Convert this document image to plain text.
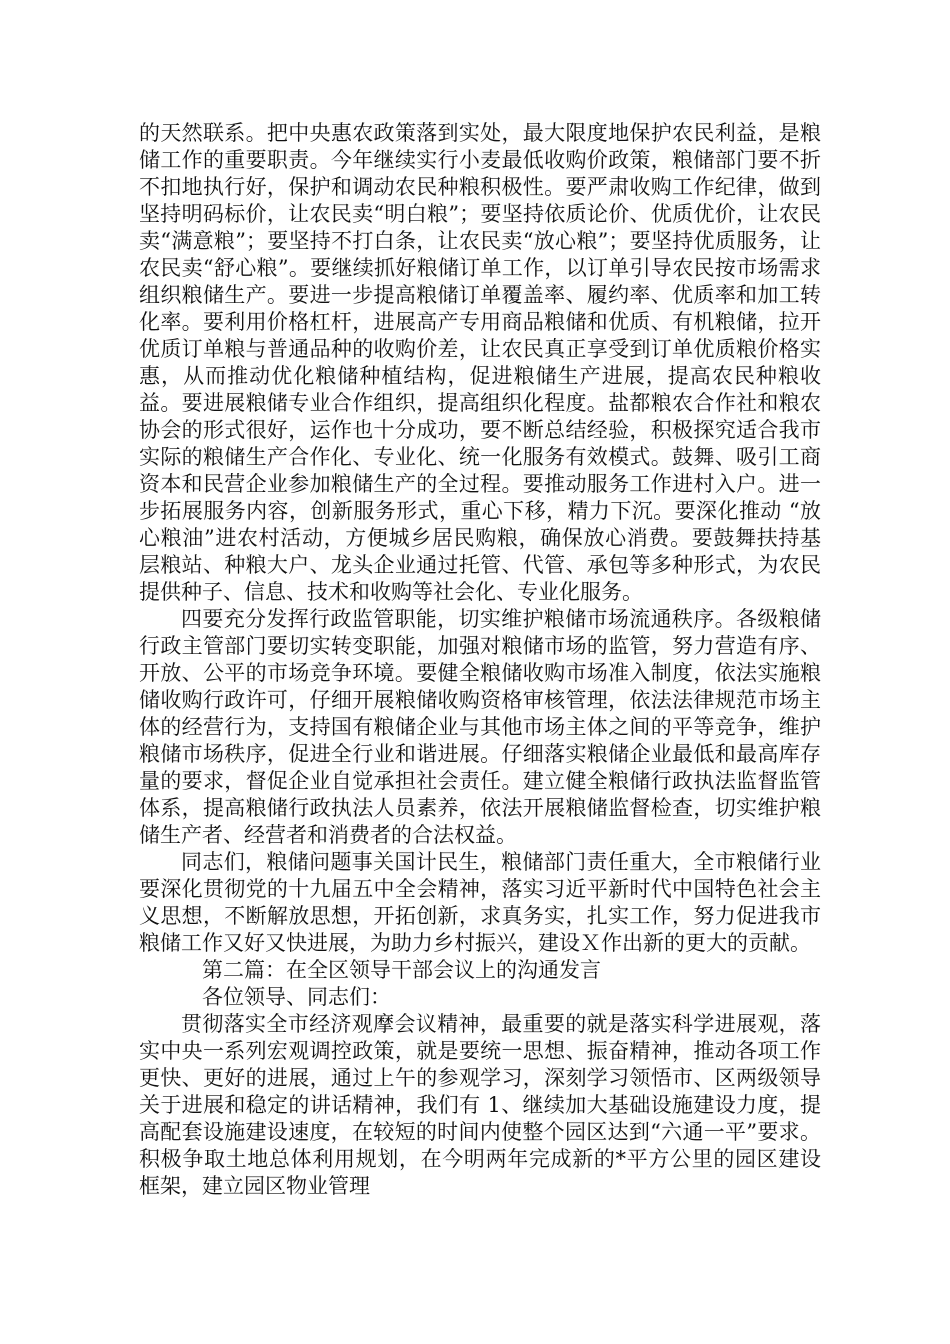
的天然联系。把中央惠农政策落到实处，最大限度地保护农民利益，是粮储工作的重要职责。今年继续实行小麦最低收购价政策，粮储部门要不折不扣地执行好，保护和调动农民种粮积极性。要严肃收购工作纪律，做到坚持明码标价，让农民卖“明白粮”；要坚持依质论价、优质优价，让农民卖“满意粮”；要坚持不打白条，让农民卖“放心粮”；要坚持优质服务，让农民卖“舒心粮”。要继续抓好粮储订单工作，以订单引导农民按市场需求组织粮储生产。要进一步提高粮储订单覆盖率、履约率、优质率和加工转化率。要利用价格杠杆，进展高产专用商品粮储和优质、有机粮储，拉开优质订单粮与普通品种的收购价差，让农民真正享受到订单优质粮价格实惠，从而推动优化粮储种植结构，促进粮储生产进展，提高农民种粮收益。要进展粮储专业合作组织，提高组织化程度。盐都粮农合作社和粮农协会的形式很好，运作也十分成功，要不断总结经验，积极探究适合我市实际的粮储生产合作化、专业化、统一化服务有效模式。鼓舞、吸引工商资本和民营企业参加粮储生产的全过程。要推动服务工作进村入户。进一步拓展服务内容，创新服务形式，重心下移，精力下沉。要深化推动 “放心粮油”进农村活动，方便城乡居民购粮，确保放心消费。要鼓舞扶持基层粮站、种粮大户、龙头企业通过托管、代管、承包等多种形式，为农民提供种子、信息、技术和收购等社会化、专业化服务。

四要充分发挥行政监管职能，切实维护粮储市场流通秩序。各级粮储行政主管部门要切实转变职能，加强对粮储市场的监管，努力营造有序、开放、公平的市场竞争环境。要健全粮储收购市场准入制度，依法实施粮储收购行政许可，仔细开展粮储收购资格审核管理，依法法律规范市场主体的经营行为，支持国有粮储企业与其他市场主体之间的平等竞争，维护粮储市场秩序，促进全行业和谐进展。仔细落实粮储企业最低和最高库存量的要求，督促企业自觉承担社会责任。建立健全粮储行政执法监督监管体系，提高粮储行政执法人员素养，依法开展粮储监督检查，切实维护粮储生产者、经营者和消费者的合法权益。

同志们，粮储问题事关国计民生，粮储部门责任重大，全市粮储行业要深化贯彻党的十九届五中全会精神，落实习近平新时代中国特色社会主义思想，不断解放思想，开拓创新，求真务实，扎实工作，努力促进我市粮储工作又好又快进展，为助力乡村振兴，建设Ｘ作出新的更大的贡献。

第二篇：在全区领导干部会议上的沟通发言

各位领导、同志们：

贯彻落实全市经济观摩会议精神，最重要的就是落实科学进展观，落实中央一系列宏观调控政策，就是要统一思想、振奋精神，推动各项工作更快、更好的进展，通过上午的参观学习，深刻学习领悟市、区两级领导关于进展和稳定的讲话精神，我们有 1、继续加大基础设施建设力度，提高配套设施建设速度，在较短的时间内使整个园区达到“六通一平”要求。积极争取土地总体利用规划，在今明两年完成新的*平方公里的园区建设框架，建立园区物业管理
